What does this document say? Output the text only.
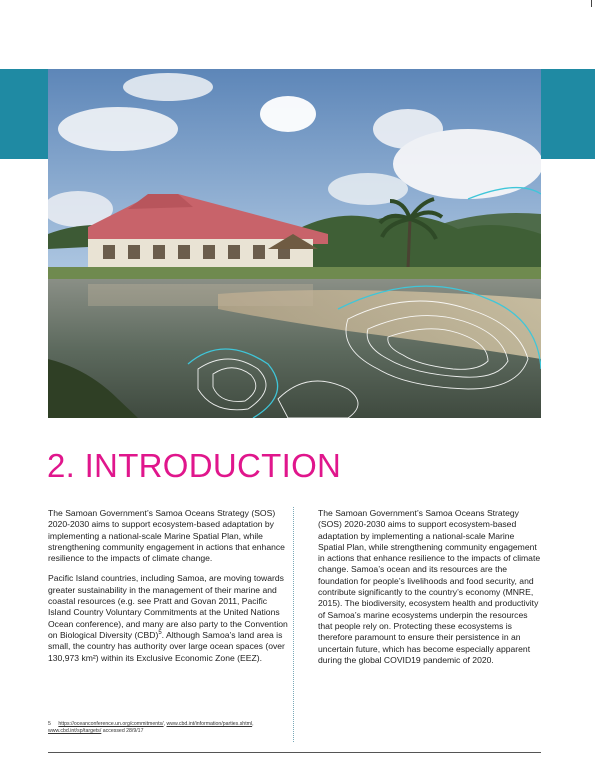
2. INTRODUCTION

The Samoan Government’s Samoa Oceans Strategy (SOS) 2020-2030 aims to support ecosystem-based adaptation by implementing a national-scale Marine Spatial Plan, while strengthening community engagement in actions that enhance resilience to the impacts of climate change.

Pacific Island countries, including Samoa, are moving towards greater sustainability in the management of their marine and coastal resources (e.g. see Pratt and Govan 2011, Pacific Island Country Voluntary Commitments at the United Nations Ocean conference), and many are also party to the Convention on Biological Diversity (CBD)$^5$. Although Samoa’s land area is small, the country has authority over large ocean spaces (over 130,973 km²) within its Exclusive Economic Zone (EEZ).

The Samoan Government’s Samoa Oceans Strategy (SOS) 2020-2030 aims to support ecosystem-based adaptation by implementing a national-scale Marine Spatial Plan, while strengthening community engagement in actions that enhance resilience to the impacts of climate change. Samoa’s ocean and its resources are the foundation for people’s livelihoods and food security, and contribute significantly to the country’s economy (MNRE, 2015). The biodiversity, ecosystem health and productivity of Samoa’s marine ecosystems underpin the resources that people rely on. Protecting these ecosystems is therefore paramount to ensure their persistence in an uncertain future, which has become especially apparent during the global COVID19 pandemic of 2020.

5 https://oceanconference.un.org/commitments/, www.cbd.int/information/parties.shtml, www.cbd.int/sp/targets/ accessed 28/9/17
